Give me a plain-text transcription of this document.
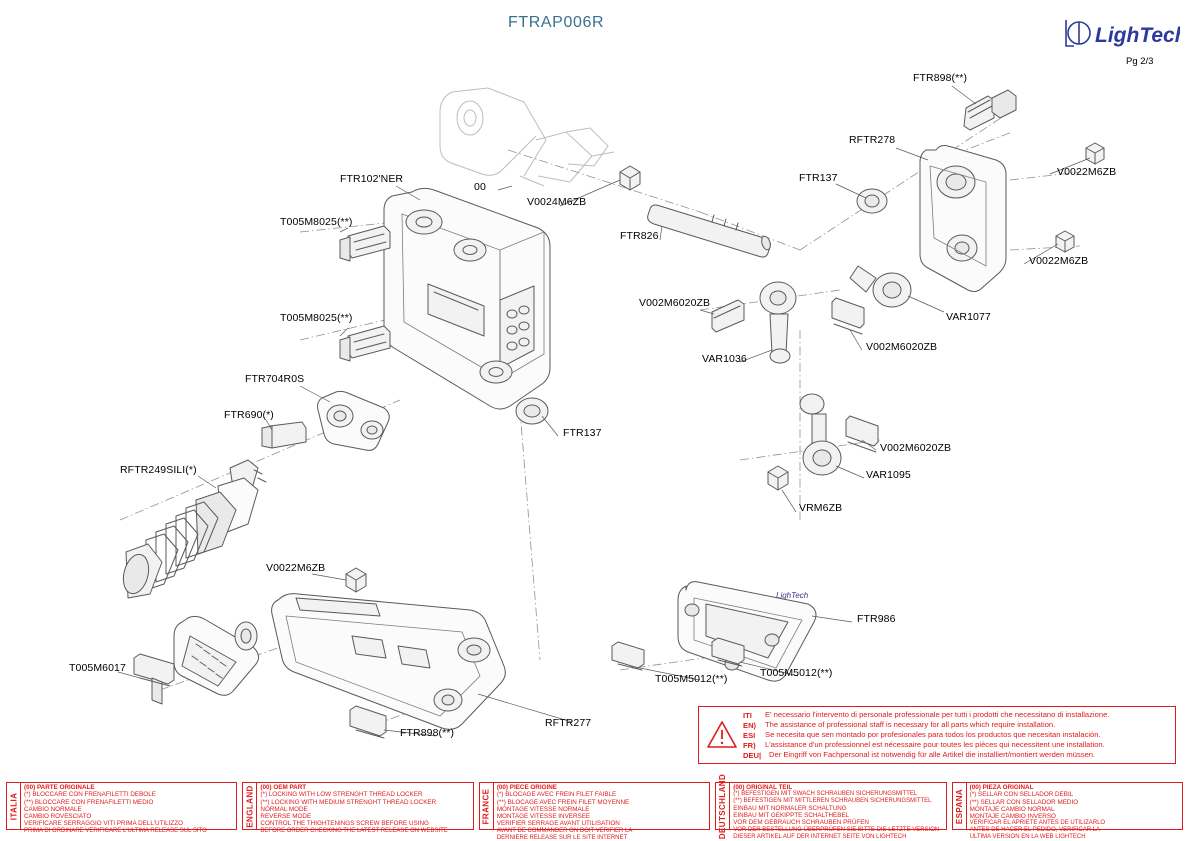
FTRAP006R
LighTech
Pg 2/3
LighTech
FTR898(**)
RFTR278
V0022M6ZB
FTR137
FTR102'NER
00
V0024M6ZB
T005M8025(**)
FTR826
V0022M6ZB
V002M6020ZB
T005M8025(**)	VAR1077
V002M6020ZB
VAR1036
FTR704R0S
FTR690(*)
FTR137
V002M6020ZB
RFTR249SILI(*)	VAR1095
VRM6ZB
V0022M6ZB
FTR986
T005M6017
T005M5012(**)	T005M5012(**)
RFTR277
FTR898(**)
ITI E' necessario l'intervento di personale professionale per tutti i prodotti che necessitano di installazione.
EN) The assistance of professional staff is necessary for all parts which require installation.
ESI Se necesita que sen montado por profesionales para todos los productos que necesitan instalación.
FR) L'assistance d'un professionnel est nécessaire pour toutes les pièces qui necessitent une installation.
DEU| Der Eingriff von Fachpersonal ist notwendig für alle Artikel die installiert/montiert werden müssen.
ITALIA
(00) PARTE ORIGINALE
(*) BLOCCARE CON FRENAFILETTI DEBOLE
(**) BLOCCARE CON FRENAFILETTI MEDIO
CAMBIO NORMALE
CAMBIO ROVESCIATO
VERIFICARE SERRAGGIO VITI PRIMA DELL'UTILIZZO
PRIMA DI ORDINARE VERIFICARE L'ULTIMA RELEASE SUL SITO
ENGLAND (00) OEM PART
(*) LOCKING WITH LOW STRENGHT THREAD LOCKER
(**) LOCKING WITH MEDIUM STRENGHT THREAD LOCKER
NORMAL MODE
REVERSE MODE
CONTROL THE THIGHTENINGS SCREW BEFORE USING
BEFORE ORDER CHECKING THE LATEST RELEASE ON WEBSITE
FRANCE
(00) PIECE ORIGINE
(*) BLOCAGE AVEC FREIN FILET FAIBLE
(**) BLOCAGE AVEC FREIN FILET MOYENNE
MONTAGE VITESSE NORMALE
MONTAGE VITESSE INVERSEE
VERIFIER SERRAGE AVANT UTILISATION
AVANT DE COMMANDER ON DOIT VERIFIER LA
DERNIERE RELEASE SUR LE SITE INTERNET	DEUTSCHLAND (00) ORIGINAL TEIL
(*) BEFESTIGEN MIT SWACH SCHRAUBEN SICHERUNGSMITTEL
(**) BEFESTIGEN MIT MITTLEREN SCHRAUBEN SICHERUNGSMITTEL
EINBAU MIT NORMALER SCHALTUNG
EINBAU MIT GEKIPPTE SCHALTHEBEL
VOR DEM GEBRAUCH SCHRAUBEN PRÜFEN
VOR DER BESTELLUNG ÜBERPRÜFEN SIE BITTE DIE LETZTE VERSION
DIESER ARTIKEL AUF DER INTERNET SEITE VON LIGHTECH
ESPANA
(00) PIEZA ORIGINAL
(*) SELLAR CON SELLADOR DEBIL
(**) SELLAR CON SELLADOR MEDIO
MONTAJE CAMBIO NORMAL
MONTAJE CAMBIO INVERSO
VERIFICAR EL APRIETE ANTES DE UTILIZARLO
ANTES DE HACER EL PEDIDO, VERIFICAR LA
ULTIMA VERSION EN LA WEB LIGHTECH
